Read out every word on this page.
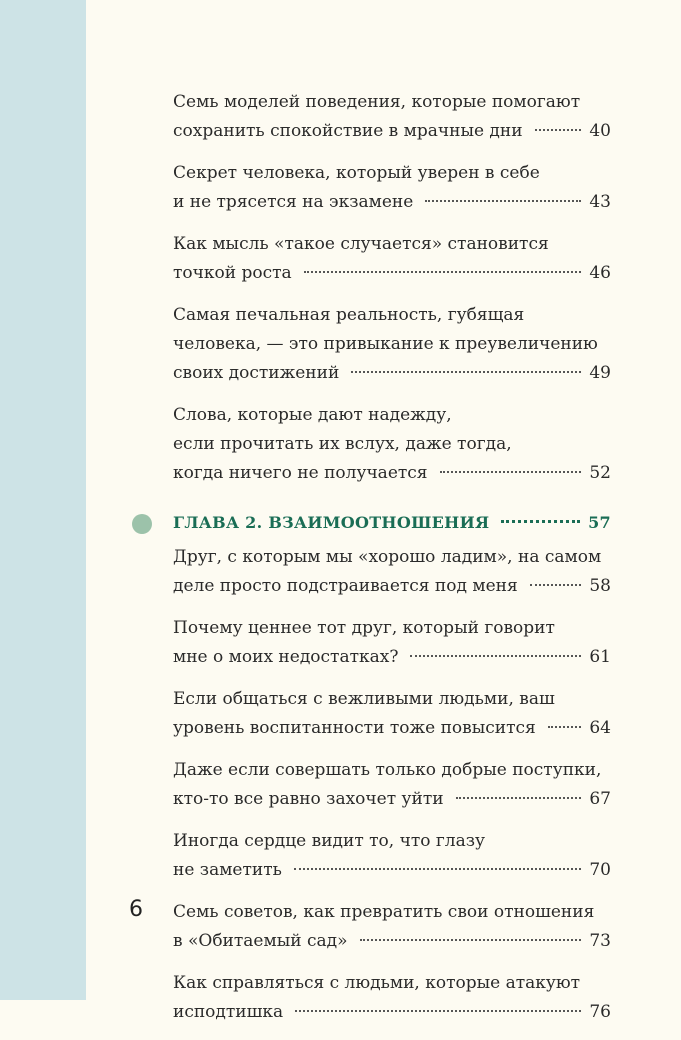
Семь моделей поведения, которые помогают
сохранить спокойствие в мрачные дни	40
Секрет человека, который уверен в себе
и не трясется на экзамене	43
Как мысль «такое случается» становится
точкой роста	46
Самая печальная реальность, губящая
человека, — это привыкание к преувеличению
своих достижений	49
Слова, которые дают надежду,
если прочитать их вслух, даже тогда,
когда ничего не получается	52
ГЛАВА 2. ВЗАИМООТНОШЕНИЯ	57
Друг, с которым мы «хорошо ладим», на самом
деле просто подстраивается под меня	58
Почему ценнее тот друг, который говорит
мне о моих недостатках?	61
Если общаться с вежливыми людьми, ваш
уровень воспитанности тоже повысится	64
Даже если совершать только добрые поступки,
кто-то все равно захочет уйти	67
Иногда сердце видит то, что глазу
не заметить	70
Семь советов, как превратить свои отношения
в «Обитаемый сад»	73
Как справляться с людьми, которые атакуют
исподтишка	76
6
